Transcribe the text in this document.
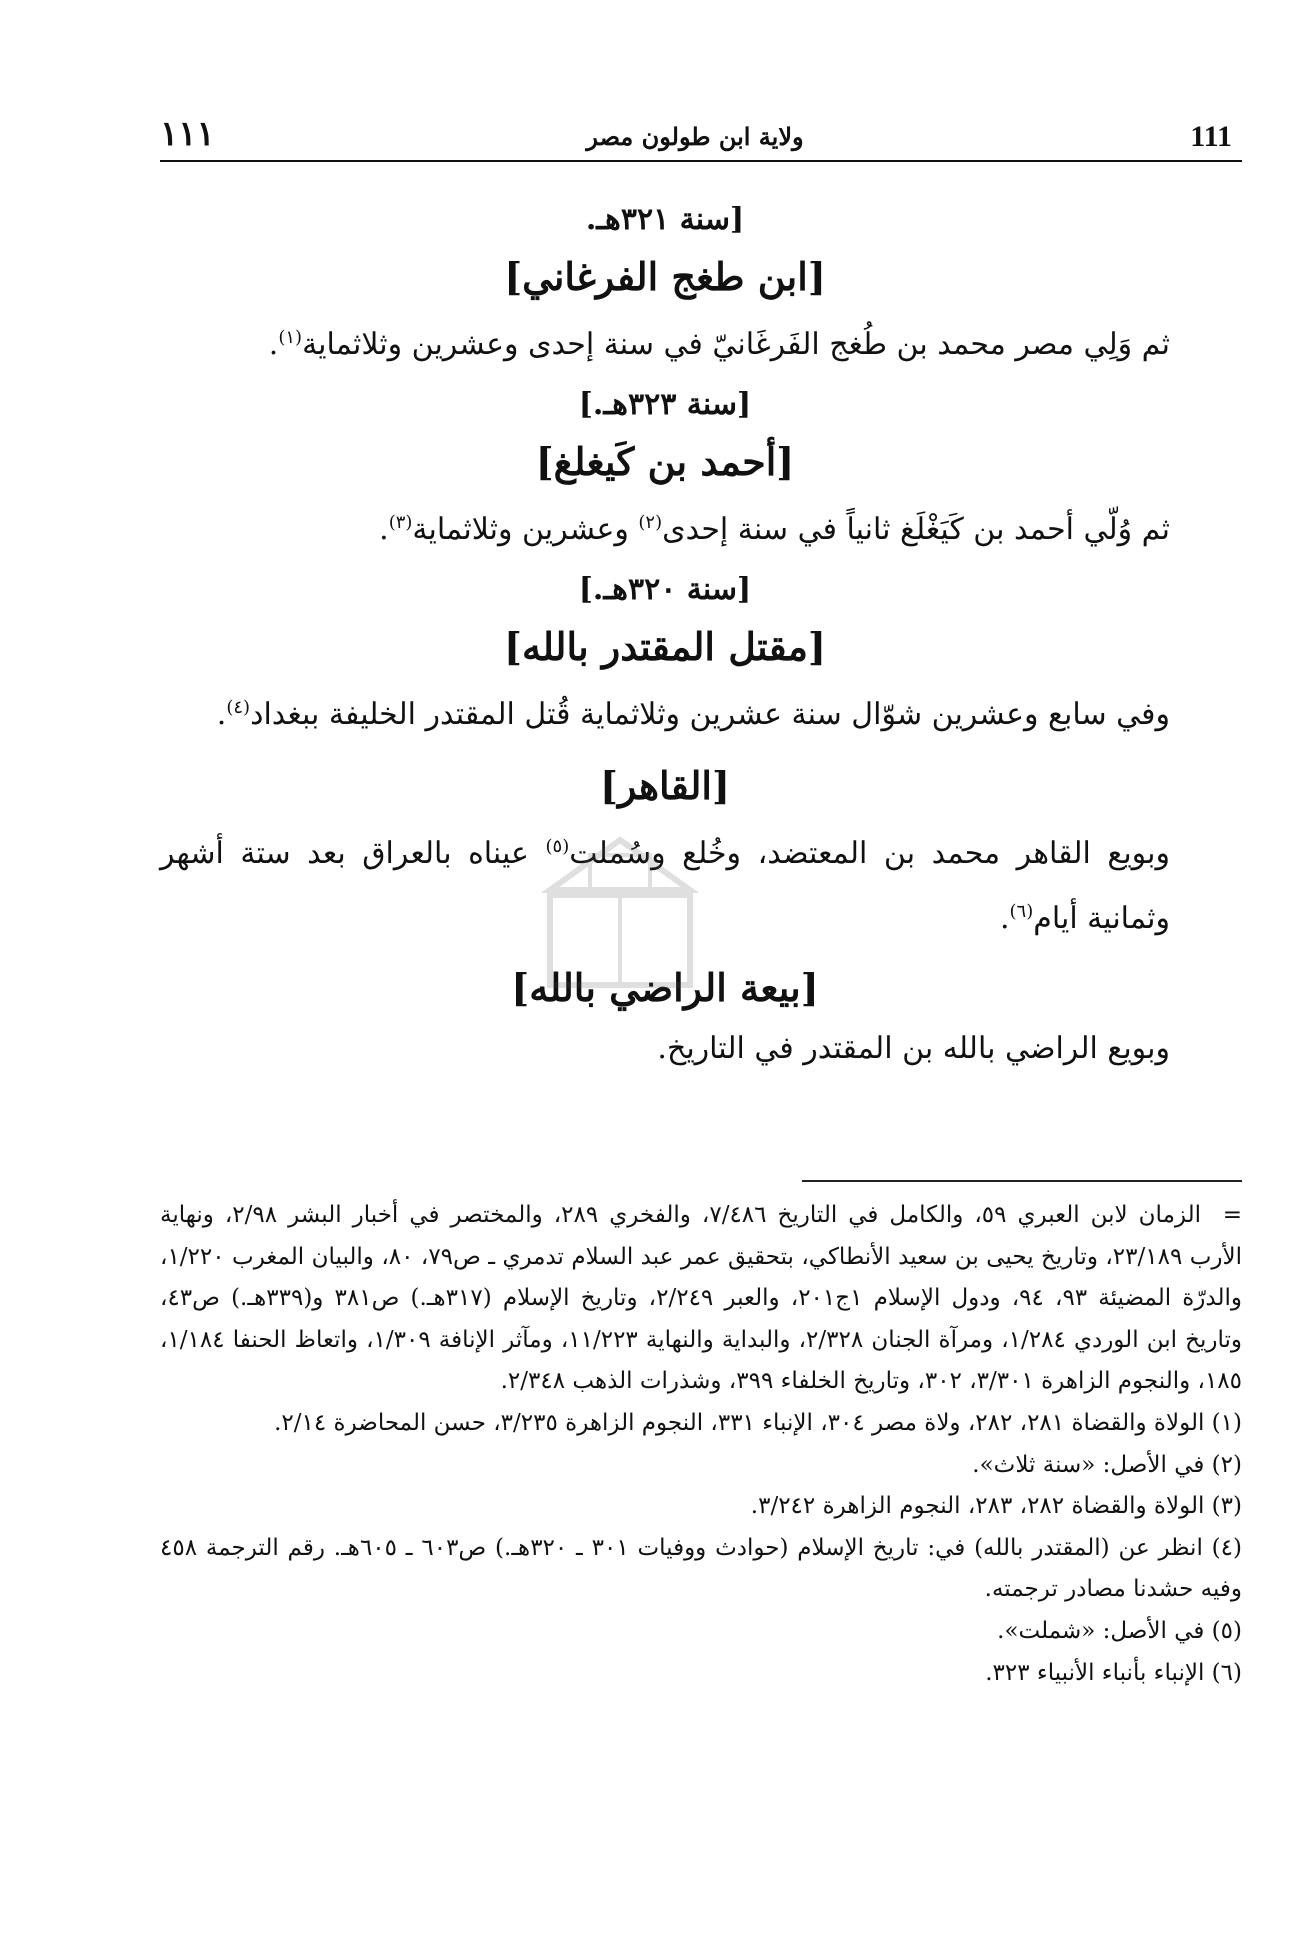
١١١	ولاية ابن طولون مصر	111

[سنة ٣٢١هـ.

[ابن طغج الفرغاني]

ثم وَلِي مصر محمد بن طُغج الفَرغَانيّ في سنة إحدى وعشرين وثلاثماية$^{(١)}$.

[سنة ٣٢٣هـ.]

[أحمد بن كَيغلغ]

ثم وُلّي أحمد بن كَيَغْلَغ ثانياً في سنة إحدى$^{(٢)}$ وعشرين وثلاثماية$^{(٣)}$.

[سنة ٣٢٠هـ.]

[مقتل المقتدر بالله]

وفي سابع وعشرين شوّال سنة عشرين وثلاثماية قُتل المقتدر الخليفة ببغداد$^{(٤)}$.

[القاهر]

وبويع القاهر محمد بن المعتضد، وخُلع وسُملت$^{(٥)}$ عيناه بالعراق بعد ستة أشهر وثمانية أيام$^{(٦)}$.

[بيعة الراضي بالله]

وبويع الراضي بالله بن المقتدر في التاريخ.

= الزمان لابن العبري ٥٩، والكامل في التاريخ ٧/٤٨٦، والفخري ٢٨٩، والمختصر في أخبار البشر ٢/٩٨، ونهاية الأرب ٢٣/١٨٩، وتاريخ يحيى بن سعيد الأنطاكي، بتحقيق عمر عبد السلام تدمري ـ ص٧٩، ٨٠، والبيان المغرب ١/٢٢٠، والدرّة المضيئة ٩٣، ٩٤، ودول الإسلام ١ج٢٠١، والعبر ٢/٢٤٩، وتاريخ الإسلام (٣١٧هـ.) ص٣٨١ و(٣٣٩هـ.) ص٤٣، وتاريخ ابن الوردي ١/٢٨٤، ومرآة الجنان ٢/٣٢٨، والبداية والنهاية ١١/٢٢٣، ومآثر الإنافة ١/٣٠٩، واتعاظ الحنفا ١/١٨٤، ١٨٥، والنجوم الزاهرة ٣/٣٠١، ٣٠٢، وتاريخ الخلفاء ٣٩٩، وشذرات الذهب ٢/٣٤٨.

(١) الولاة والقضاة ٢٨١، ٢٨٢، ولاة مصر ٣٠٤، الإنباء ٣٣١، النجوم الزاهرة ٣/٢٣٥، حسن المحاضرة ٢/١٤.

(٢) في الأصل: «سنة ثلاث».

(٣) الولاة والقضاة ٢٨٢، ٢٨٣، النجوم الزاهرة ٣/٢٤٢.

(٤) انظر عن (المقتدر بالله) في: تاريخ الإسلام (حوادث ووفيات ٣٠١ ـ ٣٢٠هـ.) ص٦٠٣ ـ ٦٠٥هـ. رقم الترجمة ٤٥٨ وفيه حشدنا مصادر ترجمته.

(٥) في الأصل: «شملت».

(٦) الإنباء بأنباء الأنبياء ٣٢٣.
